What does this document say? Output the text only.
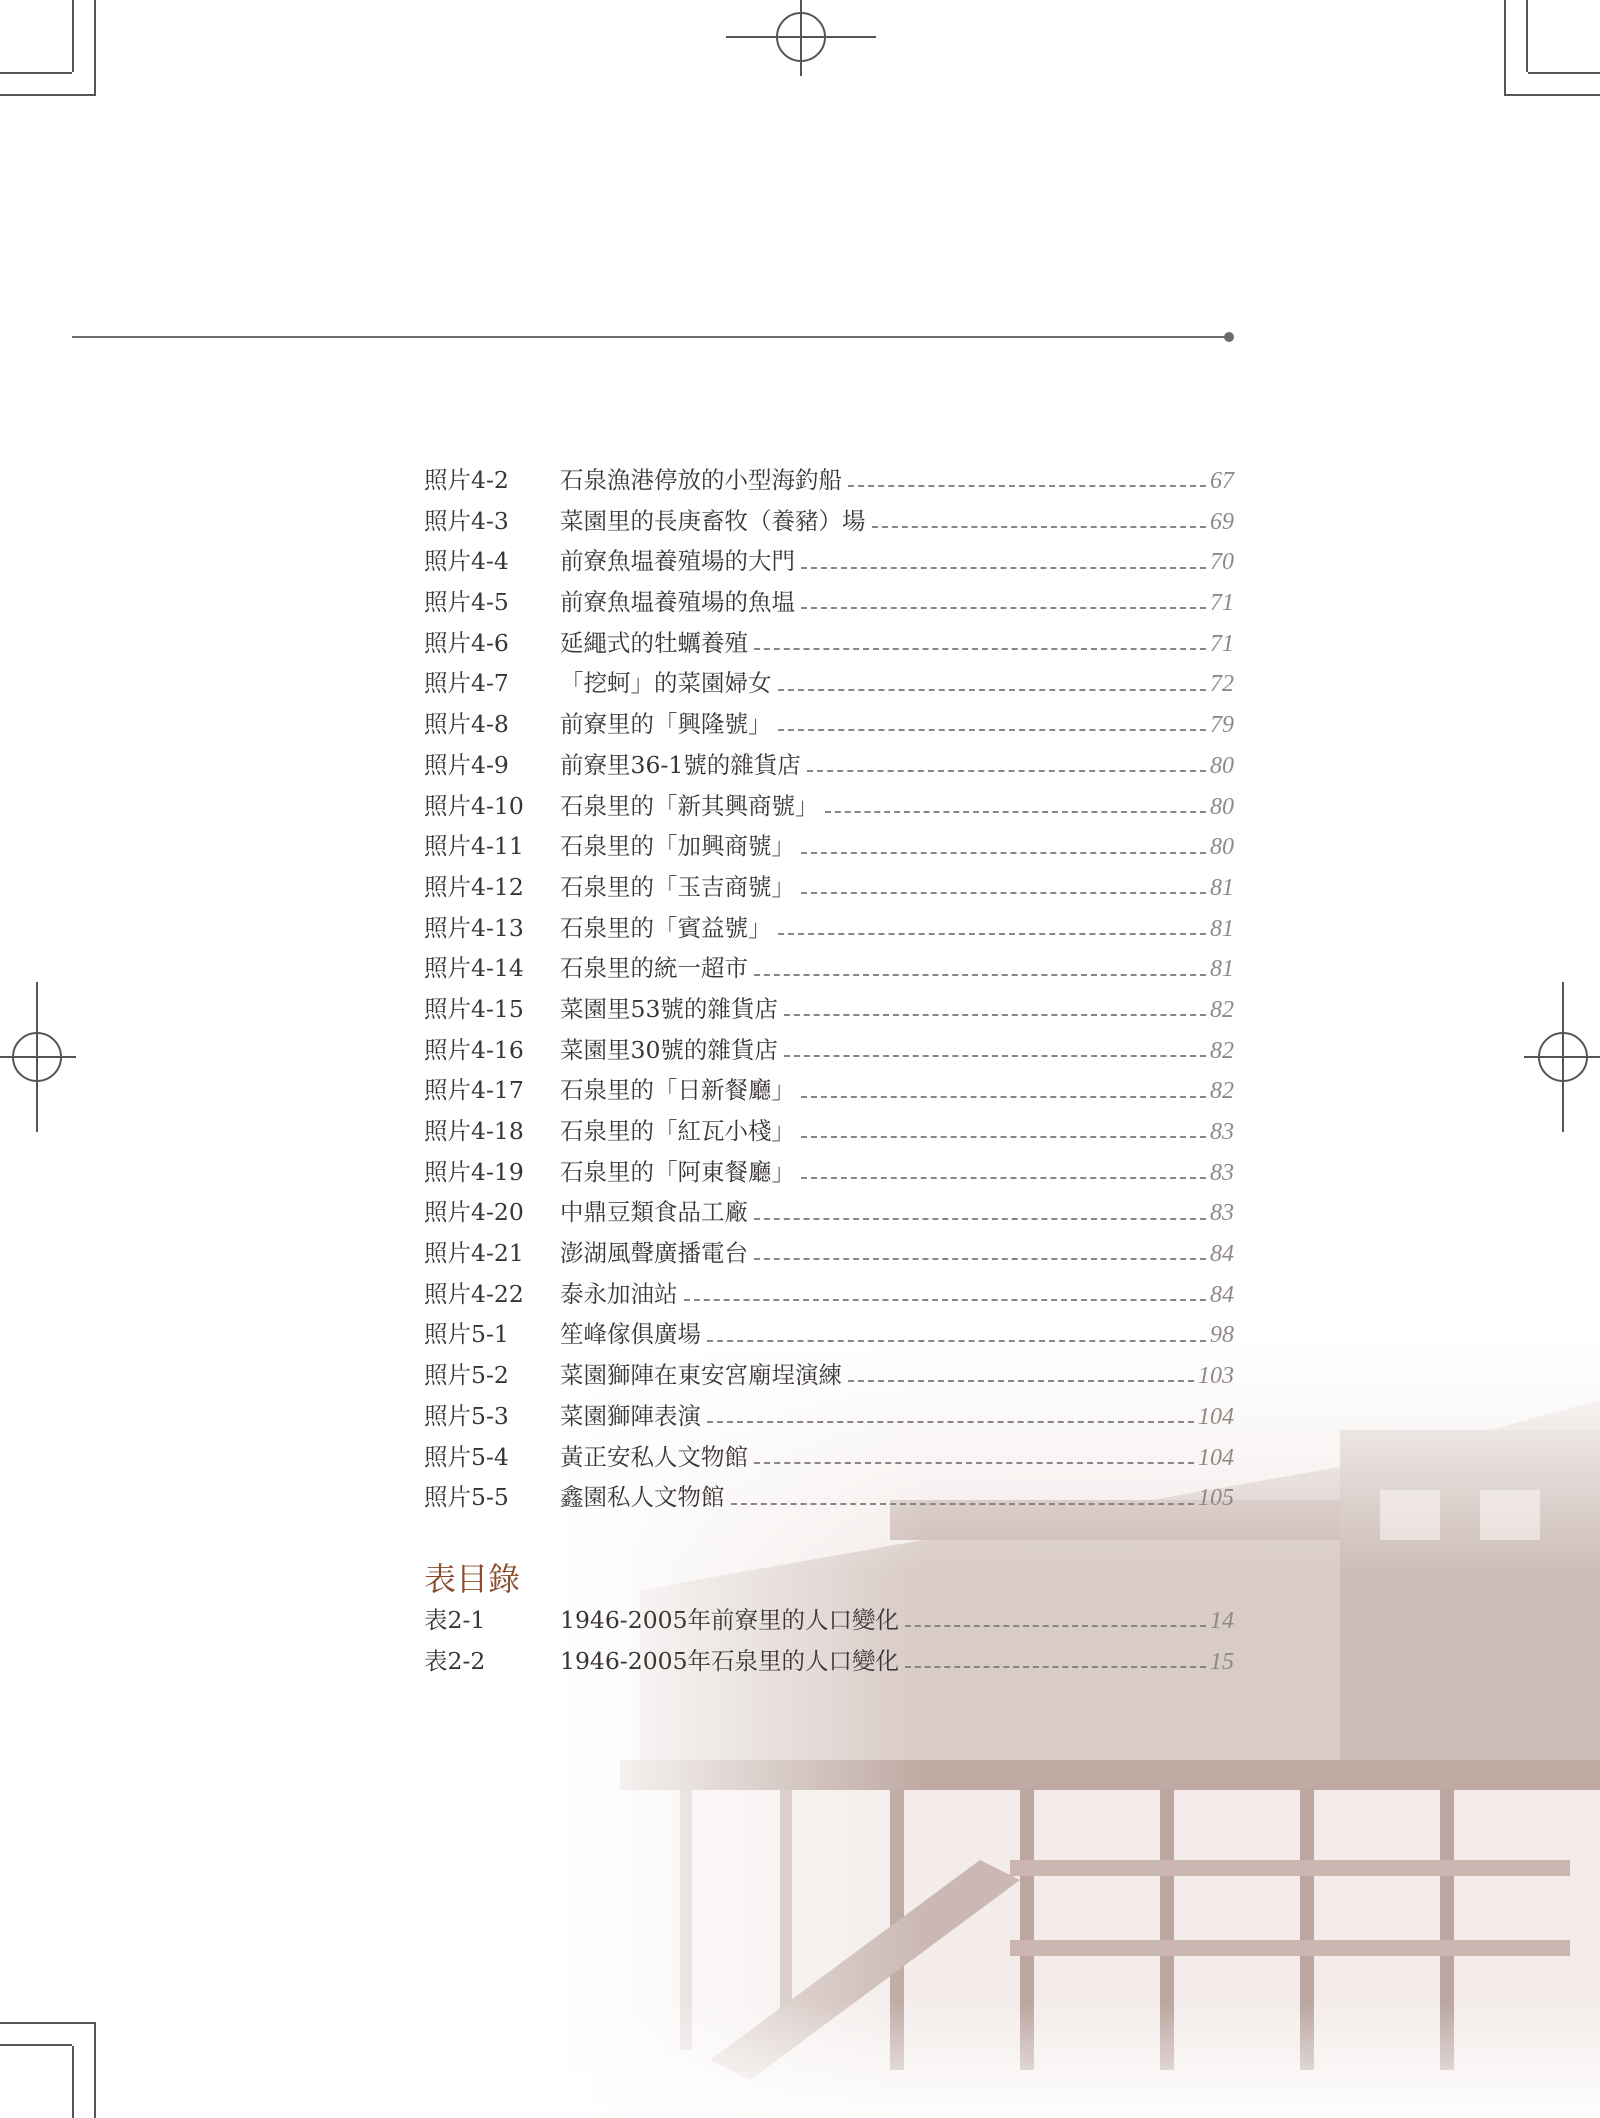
照片4-2	石泉漁港停放的小型海釣船	67
照片4-3	菜園里的長庚畜牧（養豬）場	69
照片4-4	前寮魚塭養殖場的大門	70
照片4-5	前寮魚塭養殖場的魚塭	71
照片4-6	延繩式的牡蠣養殖	71
照片4-7	「挖蚵」的菜園婦女	72
照片4-8	前寮里的「興隆號」	79
照片4-9	前寮里36-1號的雜貨店	80
照片4-10	石泉里的「新其興商號」	80
照片4-11	石泉里的「加興商號」	80
照片4-12	石泉里的「玉吉商號」	81
照片4-13	石泉里的「賓益號」	81
照片4-14	石泉里的統一超市	81
照片4-15	菜園里53號的雜貨店	82
照片4-16	菜園里30號的雜貨店	82
照片4-17	石泉里的「日新餐廳」	82
照片4-18	石泉里的「紅瓦小棧」	83
照片4-19	石泉里的「阿東餐廳」	83
照片4-20	中鼎豆類食品工廠	83
照片4-21	澎湖風聲廣播電台	84
照片4-22	泰永加油站	84
照片5-1	笙峰傢俱廣場	98
照片5-2	菜園獅陣在東安宮廟埕演練	103
照片5-3	菜園獅陣表演	104
照片5-4	黃正安私人文物館	104
照片5-5	鑫園私人文物館	105
表目錄
表2-1	1946-2005年前寮里的人口變化	14
表2-2	1946-2005年石泉里的人口變化	15
